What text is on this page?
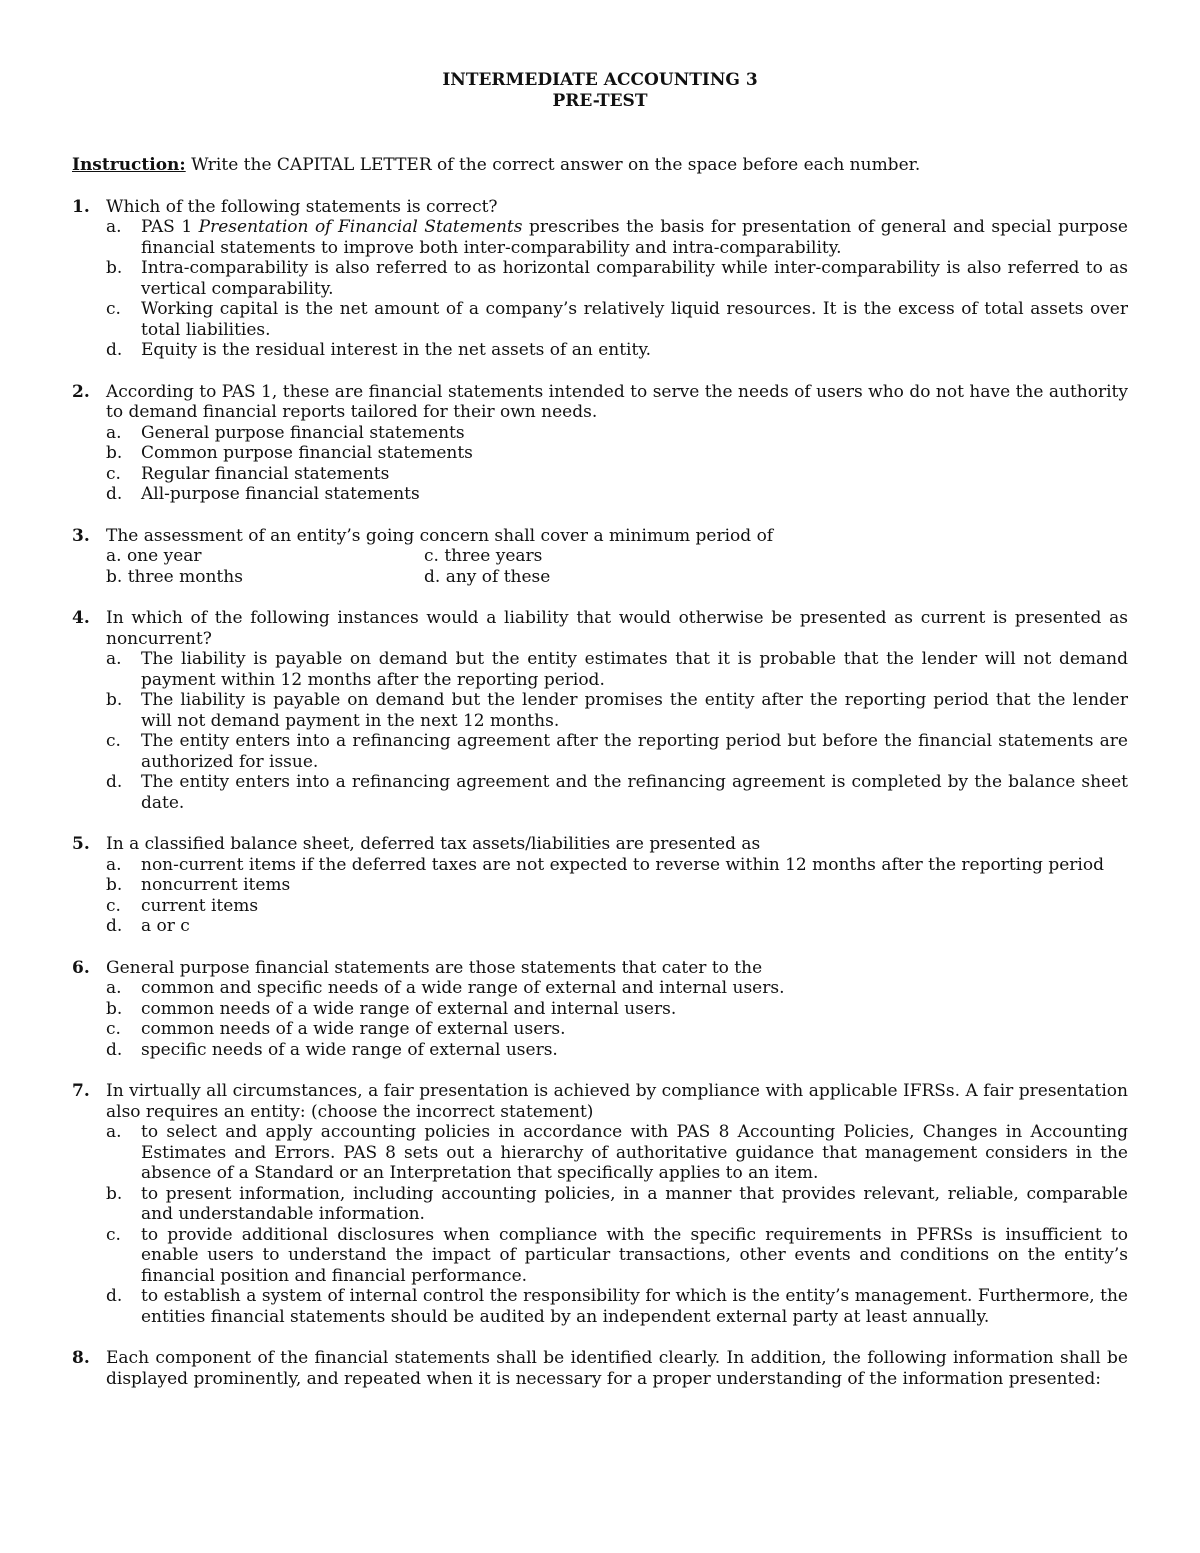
INTERMEDIATE ACCOUNTING 3
PRE-TEST
Instruction: Write the CAPITAL LETTER of the correct answer on the space before each number.
1. Which of the following statements is correct?
a. PAS 1 Presentation of Financial Statements prescribes the basis for presentation of general and special purpose financial statements to improve both inter-comparability and intra-comparability.
b. Intra-comparability is also referred to as horizontal comparability while inter-comparability is also referred to as vertical comparability.
c. Working capital is the net amount of a company’s relatively liquid resources. It is the excess of total assets over total liabilities.
d. Equity is the residual interest in the net assets of an entity.
2. According to PAS 1, these are financial statements intended to serve the needs of users who do not have the authority to demand financial reports tailored for their own needs.
a. General purpose financial statements
b. Common purpose financial statements
c. Regular financial statements
d. All-purpose financial statements
3. The assessment of an entity’s going concern shall cover a minimum period of
a. one year	c. three years
b. three months	d. any of these
4. In which of the following instances would a liability that would otherwise be presented as current is presented as noncurrent?
a. The liability is payable on demand but the entity estimates that it is probable that the lender will not demand payment within 12 months after the reporting period.
b. The liability is payable on demand but the lender promises the entity after the reporting period that the lender will not demand payment in the next 12 months.
c. The entity enters into a refinancing agreement after the reporting period but before the financial statements are authorized for issue.
d. The entity enters into a refinancing agreement and the refinancing agreement is completed by the balance sheet date.
5. In a classified balance sheet, deferred tax assets/liabilities are presented as
a. non-current items if the deferred taxes are not expected to reverse within 12 months after the reporting period
b. noncurrent items
c. current items
d. a or c
6. General purpose financial statements are those statements that cater to the
a. common and specific needs of a wide range of external and internal users.
b. common needs of a wide range of external and internal users.
c. common needs of a wide range of external users.
d. specific needs of a wide range of external users.
7. In virtually all circumstances, a fair presentation is achieved by compliance with applicable IFRSs. A fair presentation also requires an entity: (choose the incorrect statement)
a. to select and apply accounting policies in accordance with PAS 8 Accounting Policies, Changes in Accounting Estimates and Errors. PAS 8 sets out a hierarchy of authoritative guidance that management considers in the absence of a Standard or an Interpretation that specifically applies to an item.
b. to present information, including accounting policies, in a manner that provides relevant, reliable, comparable and understandable information.
c. to provide additional disclosures when compliance with the specific requirements in PFRSs is insufficient to enable users to understand the impact of particular transactions, other events and conditions on the entity’s financial position and financial performance.
d. to establish a system of internal control the responsibility for which is the entity’s management. Furthermore, the entities financial statements should be audited by an independent external party at least annually.
8. Each component of the financial statements shall be identified clearly. In addition, the following information shall be displayed prominently, and repeated when it is necessary for a proper understanding of the information presented:
